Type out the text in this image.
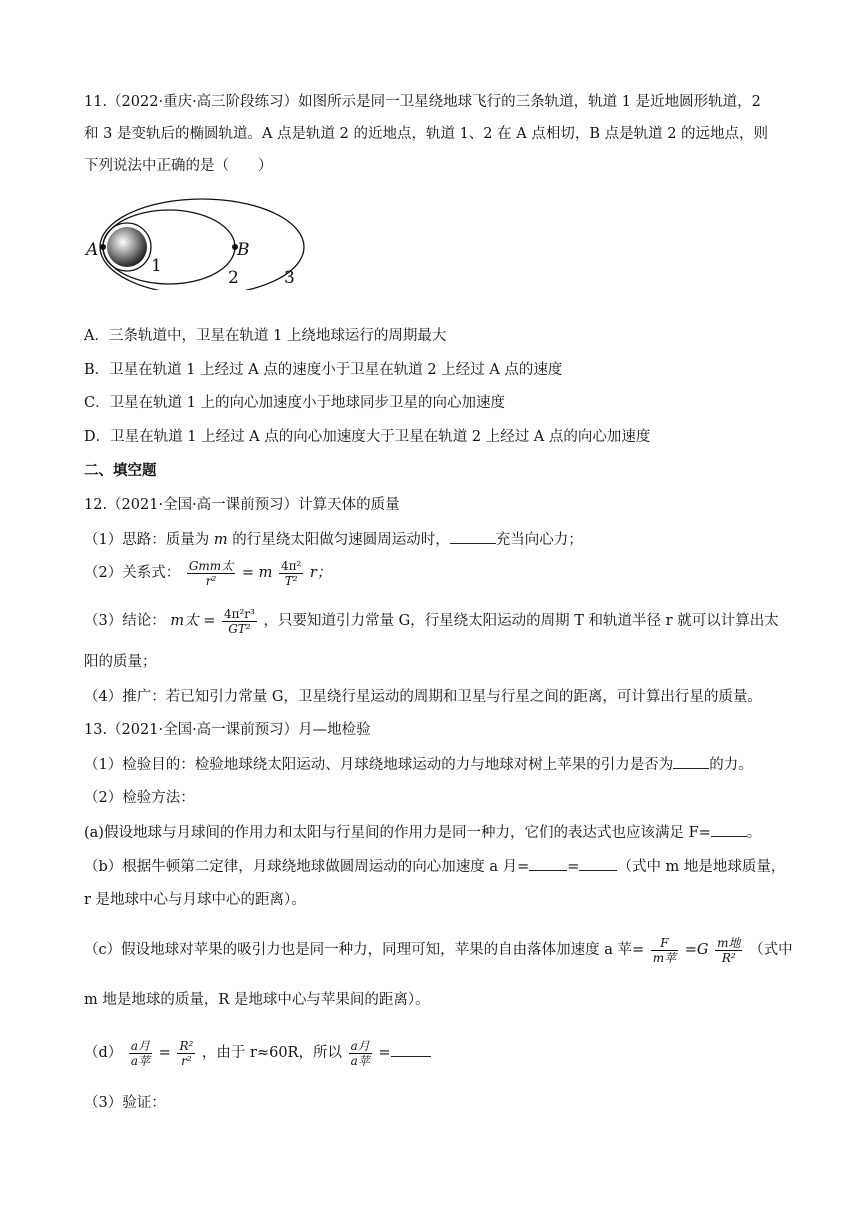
11.（2022·重庆·高三阶段练习）如图所示是同一卫星绕地球飞行的三条轨道，轨道 1 是近地圆形轨道，2
和 3 是变轨后的椭圆轨道。A 点是轨道 2 的近地点，轨道 1、2 在 A 点相切，B 点是轨道 2 的远地点，则
下列说法中正确的是（　　）
A	B
1
2	3
A．三条轨道中，卫星在轨道 1 上绕地球运行的周期最大
B．卫星在轨道 1 上经过 A 点的速度小于卫星在轨道 2 上经过 A 点的速度
C．卫星在轨道 1 上的向心加速度小于地球同步卫星的向心加速度
D．卫星在轨道 1 上经过 A 点的向心加速度大于卫星在轨道 2 上经过 A 点的向心加速度
二、填空题
12.（2021·全国·高一课前预习）计算天体的质量
（1）思路：质量为 m 的行星绕太阳做匀速圆周运动时，	充当向心力；
（2）关系式： $\frac{\text{Gmm太}}{\text{r²}} = m \frac{\text{4π²}}{\text{T²}}$ r；
（3）结论： m太 = $\frac{\text{4π²r³}}{\text{GT²}}$ ，只要知道引力常量 G，行星绕太阳运动的周期 T 和轨道半径 r 就可以计算出太
阳的质量；
（4）推广：若已知引力常量 G，卫星绕行星运动的周期和卫星与行星之间的距离，可计算出行星的质量。
13.（2021·全国·高一课前预习）月—地检验
（1）检验目的：检验地球绕太阳运动、月球绕地球运动的力与地球对树上苹果的引力是否为 的力。
（2）检验方法：
(a)假设地球与月球间的作用力和太阳与行星间的作用力是同一种力，它们的表达式也应该满足 F= 。
（b）根据牛顿第二定律，月球绕地球做圆周运动的向心加速度 a 月=	=	（式中 m 地是地球质量，
r 是地球中心与月球中心的距离）。
（c）假设地球对苹果的吸引力也是同一种力，同理可知，苹果的自由落体加速度 a 苹= $\frac{F}{\text{m苹}} =G \frac{\text{m地}}{\text{R²}}$ （式中
m 地是地球的质量，R 是地球中心与苹果间的距离）。
$(d) \frac{\text{a月}}{\text{a苹}} = \frac{\text{R²}}{\text{r²}}$ ，由于 r≈60R，所以 $\frac{\text{a月}}{\text{a苹}}$ =
（3）验证：
